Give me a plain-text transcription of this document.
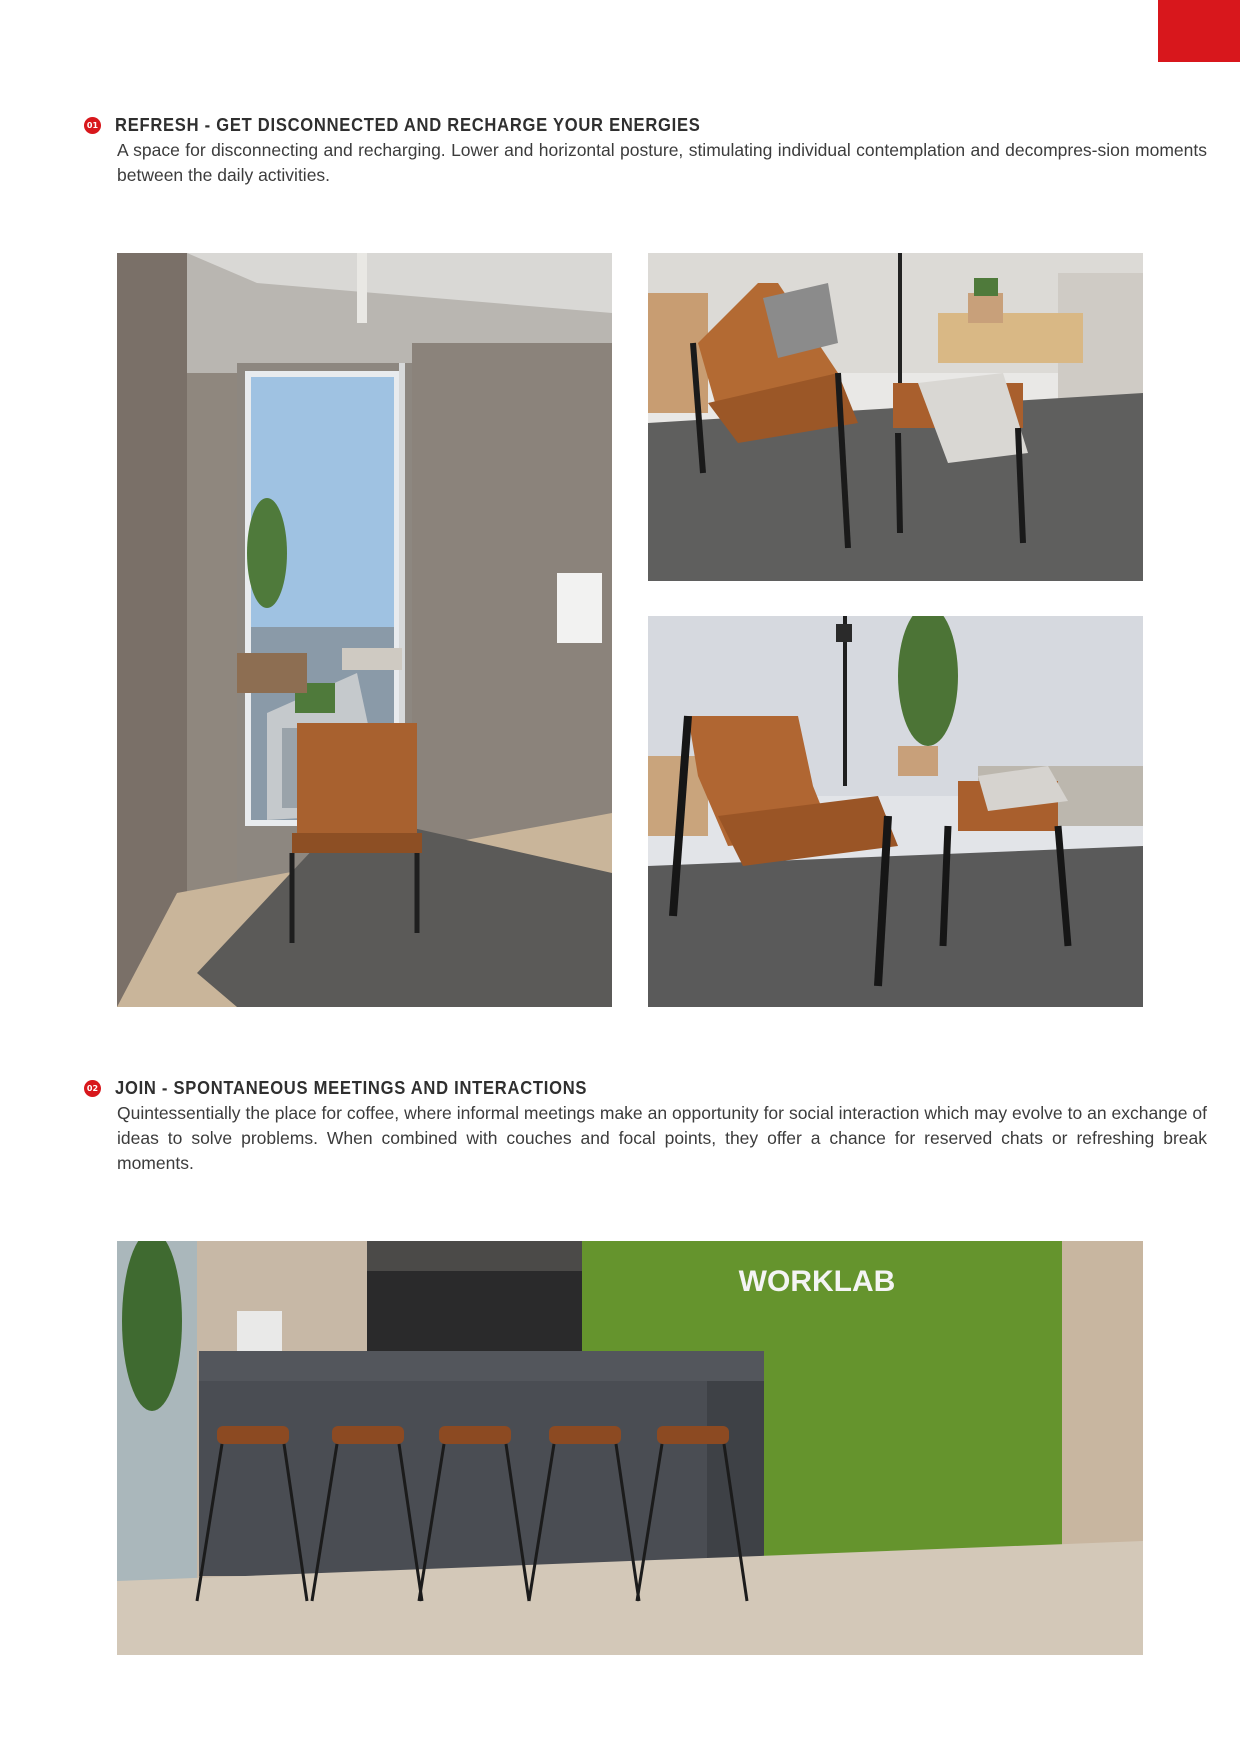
01 REFRESH - GET DISCONNECTED AND RECHARGE YOUR ENERGIES

A space for disconnecting and recharging. Lower and horizontal posture, stimulating individual contemplation and decompres-sion moments between the daily activities.

02 JOIN - SPONTANEOUS MEETINGS AND INTERACTIONS

Quintessentially the place for coffee, where informal meetings make an opportunity for social interaction which may evolve to an exchange of ideas to solve problems. When combined with couches and focal points, they offer a chance for reserved chats or refreshing break moments.

WORKLAB
